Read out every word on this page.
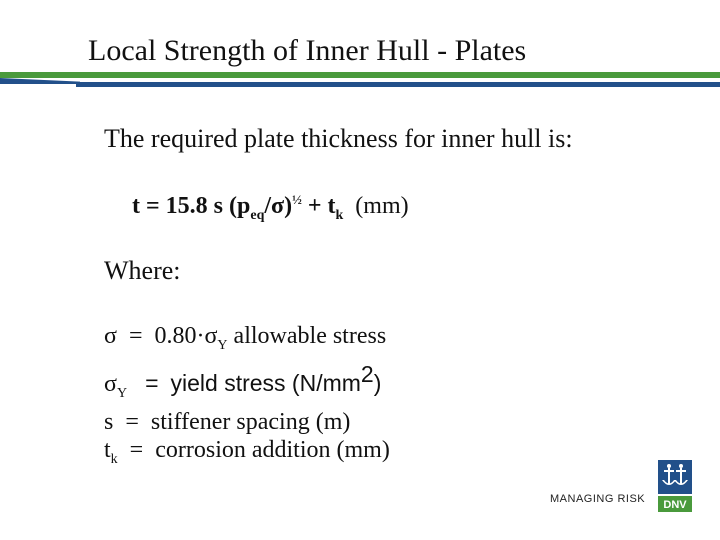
Local Strength of Inner Hull - Plates
The required plate thickness for inner hull is:
t = 15.8 s $(p_{eq}/\sigma)^{\frac{1}{2}} + t_k$ (mm)
Where:
$\sigma = 0.80\cdot\sigma_Y$ allowable stress
$\sigma_Y$ = yield stress $(N/mm^2)$
s = stiffener spacing (m)
$t_k$ = corrosion addition (mm)
DNV
MANAGING RISK
